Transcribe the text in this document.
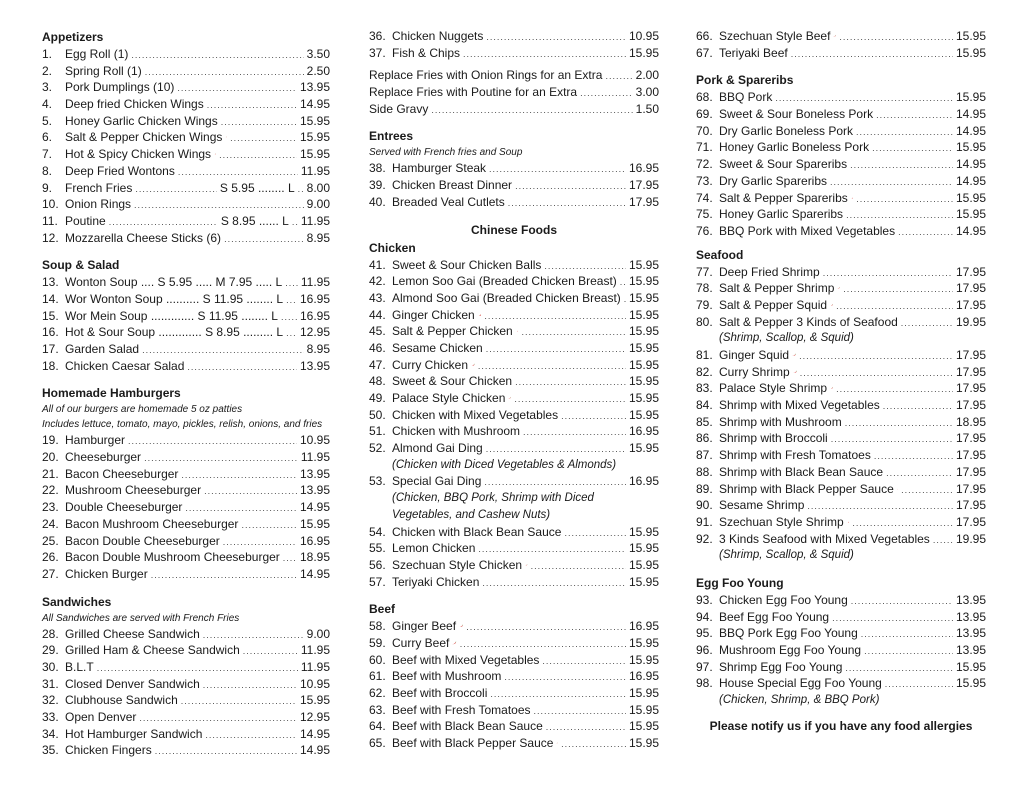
Appetizers
1.	Egg Roll (1) .....	3.50
2.	Spring Roll (1) .....	2.50
3.	Pork Dumplings (10) .....	13.95
4.	Deep fried Chicken Wings .....	14.95
5.	Honey Garlic Chicken Wings .....	15.95
6.	Salt & Pepper Chicken Wings .....	15.95
7.	Hot & Spicy Chicken Wings .....	15.95
8.	Deep Fried Wontons .....	11.95
9.	French Fries .....	S 5.95 ........ L ..... 8.00
10. Onion Rings .....	9.00
11. Poutine .....	S 8.95 ...... L ..... 11.95
12. Mozzarella Cheese Sticks (6) .....	8.95
Soup & Salad
13. Wonton Soup .... S 5.95 ..... M 7.95 ..... L ..... 11.95
14. Wor Wonton Soup .......... S 11.95 ........ L ..... 16.95
15. Wor Mein Soup ............. S 11.95 ........ L ..... 16.95
16. Hot & Sour Soup ............. S 8.95 ......... L ..... 12.95
17. Garden Salad .....	8.95
18. Chicken Caesar Salad .....	13.95
Homemade Hamburgers
All of our burgers are homemade 5 oz patties
Includes lettuce, tomato, mayo, pickles, relish, onions, and fries
19. Hamburger .....	10.95
20. Cheeseburger .....	11.95
21. Bacon Cheeseburger .....	13.95
22. Mushroom Cheeseburger .....	13.95
23. Double Cheeseburger .....	14.95
24. Bacon Mushroom Cheeseburger .....	15.95
25. Bacon Double Cheeseburger .....	16.95
26. Bacon Double Mushroom Cheeseburger ..... 18.95
27. Chicken Burger .....	14.95
Sandwiches
All Sandwiches are served with French Fries
28. Grilled Cheese Sandwich .....	9.00
29. Grilled Ham & Cheese Sandwich .....	11.95
30. B.L.T .....	11.95
31. Closed Denver Sandwich .....	10.95
32. Clubhouse Sandwich .....	15.95
33. Open Denver .....	12.95
34. Hot Hamburger Sandwich .....	14.95
35. Chicken Fingers .....	14.95
36. Chicken Nuggets .....	10.95
37. Fish & Chips .....	15.95
Replace Fries with Onion Rings for an Extra .....	2.00
Replace Fries with Poutine for an Extra .....	3.00
Side Gravy .....	1.50
Entrees
Served with French fries and Soup
38. Hamburger Steak .....	16.95
39. Chicken Breast Dinner .....	17.95
40. Breaded Veal Cutlets .....	17.95
Chinese Foods
Chicken
41. Sweet & Sour Chicken Balls .....	15.95
42. Lemon Soo Gai (Breaded Chicken Breast) ..... 15.95
43. Almond Soo Gai (Breaded Chicken Breast) ..... 15.95
44. Ginger Chicken .....	15.95
45. Salt & Pepper Chicken .....	15.95
46. Sesame Chicken .....	15.95
47. Curry Chicken .....	15.95
48. Sweet & Sour Chicken .....	15.95
49. Palace Style Chicken .....	15.95
50. Chicken with Mixed Vegetables .....	15.95
51. Chicken with Mushroom .....	16.95
52. Almond Gai Ding .....	15.95
(Chicken with Diced Vegetables & Almonds)
53. Special Gai Ding .....	16.95
(Chicken, BBQ Pork, Shrimp with Diced
Vegetables, and Cashew Nuts)
54. Chicken with Black Bean Sauce .....	15.95
55. Lemon Chicken .....	15.95
56. Szechuan Style Chicken .....	15.95
57. Teriyaki Chicken .....	15.95
Beef
58. Ginger Beef .....	16.95
59. Curry Beef .....	15.95
60. Beef with Mixed Vegetables .....	15.95
61. Beef with Mushroom .....	16.95
62. Beef with Broccoli .....	15.95
63. Beef with Fresh Tomatoes .....	15.95
64. Beef with Black Bean Sauce .....	15.95
65. Beef with Black Pepper Sauce .....	15.95
66. Szechuan Style Beef .....	15.95
67. Teriyaki Beef .....	15.95
Pork & Spareribs
68. BBQ Pork .....	15.95
69. Sweet & Sour Boneless Pork .....	14.95
70. Dry Garlic Boneless Pork .....	14.95
71. Honey Garlic Boneless Pork .....	15.95
72. Sweet & Sour Spareribs .....	14.95
73. Dry Garlic Spareribs .....	14.95
74. Salt & Pepper Spareribs .....	15.95
75. Honey Garlic Spareribs .....	15.95
76. BBQ Pork with Mixed Vegetables .....	14.95
Seafood
77. Deep Fried Shrimp .....	17.95
78. Salt & Pepper Shrimp .....	17.95
79. Salt & Pepper Squid .....	17.95
80. Salt & Pepper 3 Kinds of Seafood .....	19.95
(Shrimp, Scallop, & Squid)
81. Ginger Squid .....	17.95
82. Curry Shrimp .....	17.95
83. Palace Style Shrimp .....	17.95
84. Shrimp with Mixed Vegetables .....	17.95
85. Shrimp with Mushroom .....	18.95
86. Shrimp with Broccoli .....	17.95
87. Shrimp with Fresh Tomatoes .....	17.95
88. Shrimp with Black Bean Sauce .....	17.95
89. Shrimp with Black Pepper Sauce .....	17.95
90. Sesame Shrimp .....	17.95
91. Szechuan Style Shrimp .....	17.95
92. 3 Kinds Seafood with Mixed Vegetables ..... 19.95
(Shrimp, Scallop, & Squid)
Egg Foo Young
93. Chicken Egg Foo Young .....	13.95
94. Beef Egg Foo Young .....	13.95
95. BBQ Pork Egg Foo Young .....	13.95
96. Mushroom Egg Foo Young .....	13.95
97. Shrimp Egg Foo Young .....	15.95
98. House Special Egg Foo Young .....	15.95
(Chicken, Shrimp, & BBQ Pork)
Please notify us if you have any food allergies
